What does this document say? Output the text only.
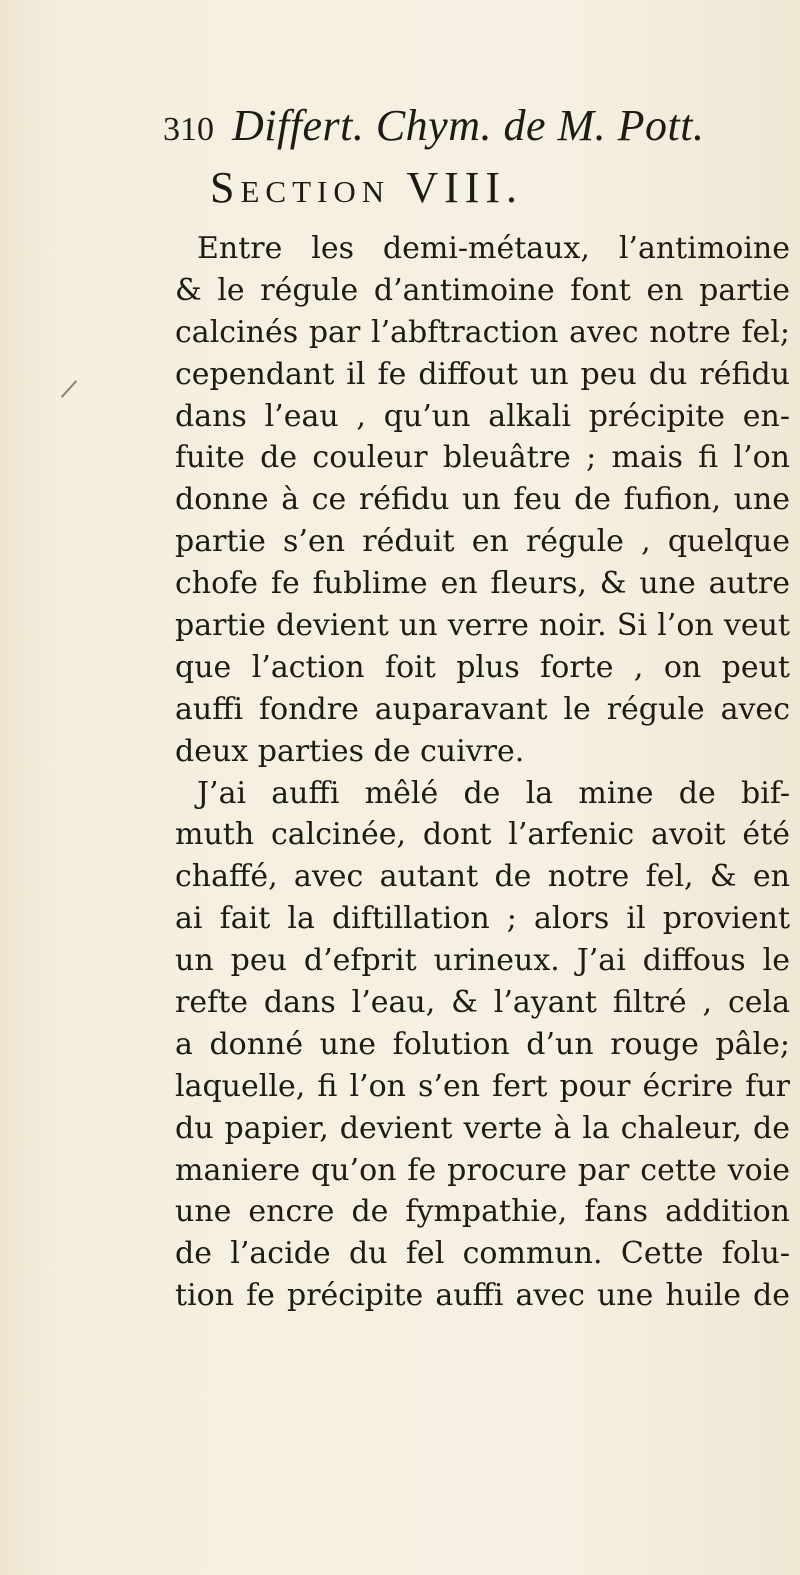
310 Differt. Chym. de M. Pott.
Section VIII.
Entre les demi-métaux, l’antimoine
& le régule d’antimoine font en partie
calcinés par l’abftraction avec notre fel;
cependant il fe diffout un peu du réfidu
dans l’eau , qu’un alkali précipite en-
fuite de couleur bleuâtre ; mais fi l’on
donne à ce réfidu un feu de fufion, une
partie s’en réduit en régule , quelque
chofe fe fublime en fleurs, & une autre
partie devient un verre noir. Si l’on veut
que l’action foit plus forte , on peut
auffi fondre auparavant le régule avec
deux parties de cuivre.
J’ai auffi mêlé de la mine de bif-
muth calcinée, dont l’arfenic avoit été
chaffé, avec autant de notre fel, & en
ai fait la diftillation ; alors il provient
un peu d’efprit urineux. J’ai diffous le
refte dans l’eau, & l’ayant filtré , cela
a donné une folution d’un rouge pâle;
laquelle, fi l’on s’en fert pour écrire fur
du papier, devient verte à la chaleur, de
maniere qu’on fe procure par cette voie
une encre de fympathie, fans addition
de l’acide du fel commun. Cette folu-
tion fe précipite auffi avec une huile de
